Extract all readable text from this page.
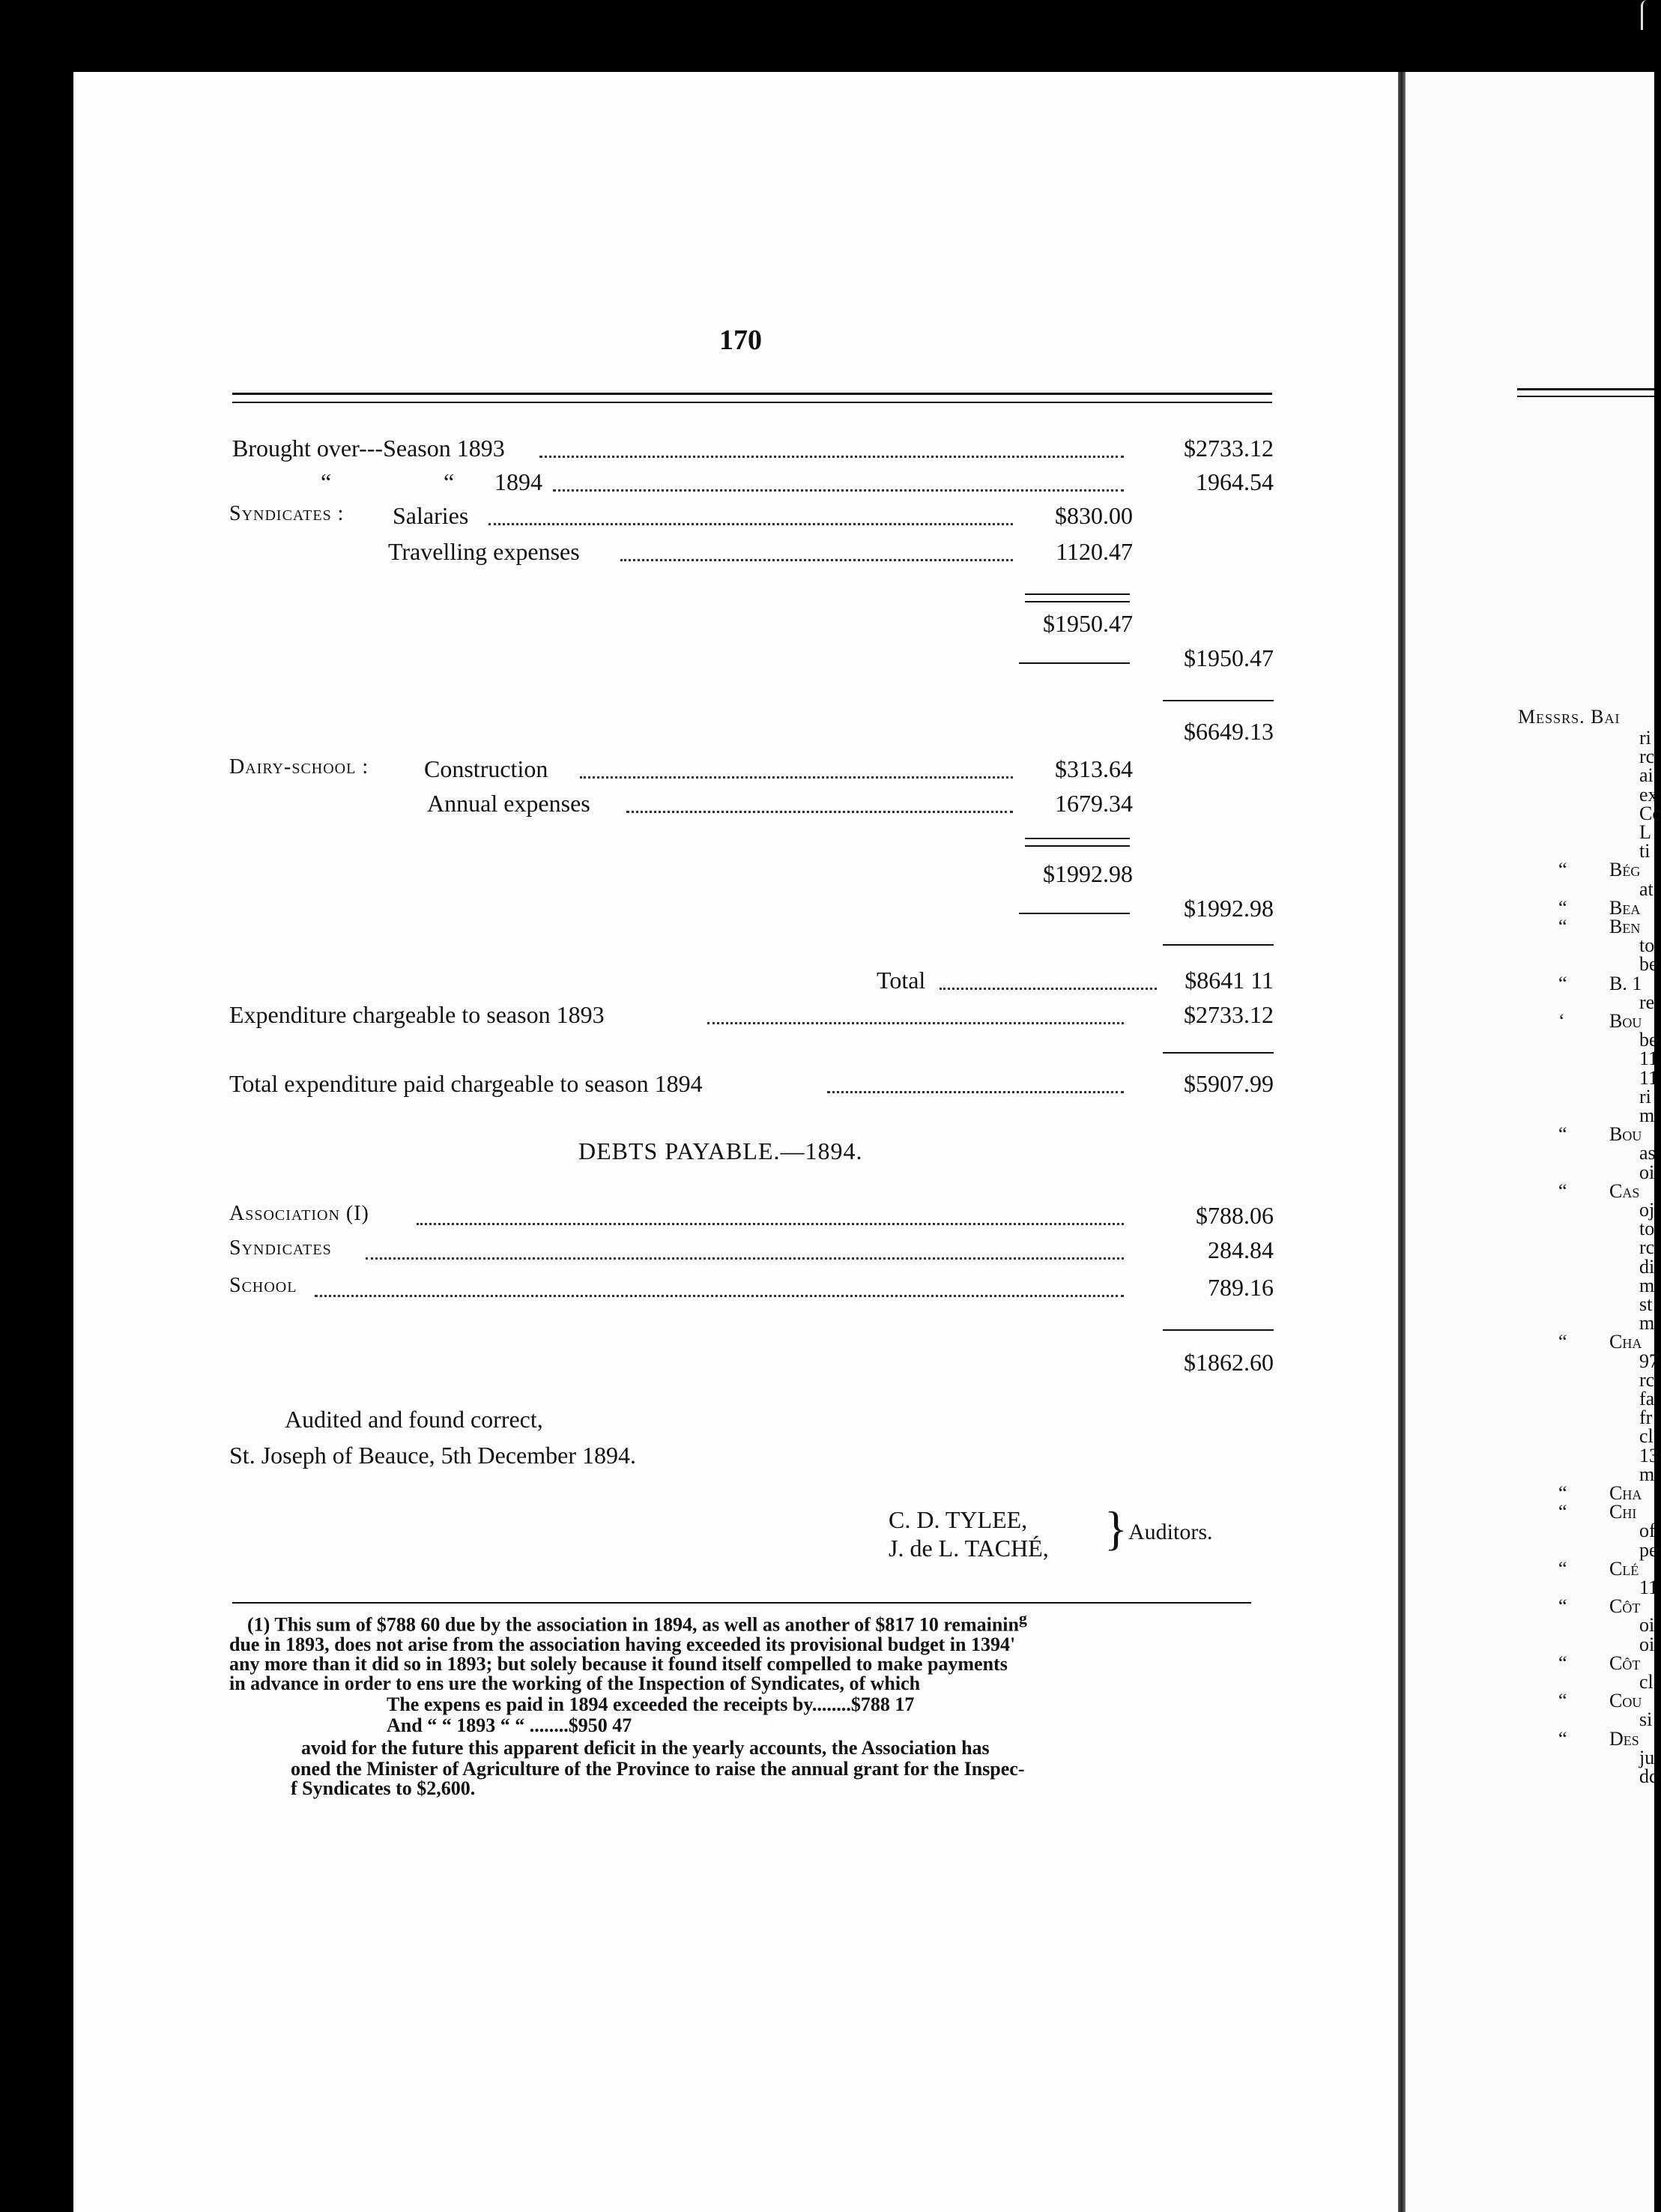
170
Brought over---Season 1893	$2733.12
“	“ 1894	1964.54
Syndicates : Salaries	$830.00
Travelling expenses	1120.47
$1950.47
$1950.47
$6649.13
Dairy-school : Construction	$313.64
Annual expenses	1679.34
$1992.98
$1992.98
Total	$8641 11
Expenditure chargeable to season 1893	$2733.12
Total expenditure paid chargeable to season 1894	$5907.99
DEBTS PAYABLE.—1894.
Association (I)	$788.06
Syndicates	284.84
School	789.16
$1862.60
Audited and found correct,
St. Joseph of Beauce, 5th December 1894.
C. D. TYLEE,
J. de L. TACHÉ, } Auditors.
(1) This sum of $788 60 due by the association in 1894, as well as another of $817 10 remainin$^g$
due in 1893, does not arise from the association having exceeded its provisional budget in 1394'
any more than it did so in 1893; but solely because it found itself compelled to make payments
in advance in order to ens ure the working of the Inspection of Syndicates, of which
The expens es paid in 1894 exceeded the receipts by........$788 17
And “ “ 1893 “ “ ........$950 47
avoid for the future this apparent deficit in the yearly accounts, the Association has
oned the Minister of Agriculture of the Province to raise the annual grant for the Inspec-
f Syndicates to $2,600.
Messrs. Bai
ri
rc
ai
ex
Cc
L
ti
“ Bég
at
“ Bea
“ Ben
to
be
“ B. 1
re
‘ Bou
be
11
11
ri
m
“ Bou
as
oi
“ Cas
oj
to
rc
di
m
st
m
“ Cha
97
rc
fa
fr
cl
13
m
“ Cha
“ Chi
of
pe
“ Clé
11
“ Côt
oi
oi
“ Côt
cl
“ Cou
si
“ Des
ju
dc
